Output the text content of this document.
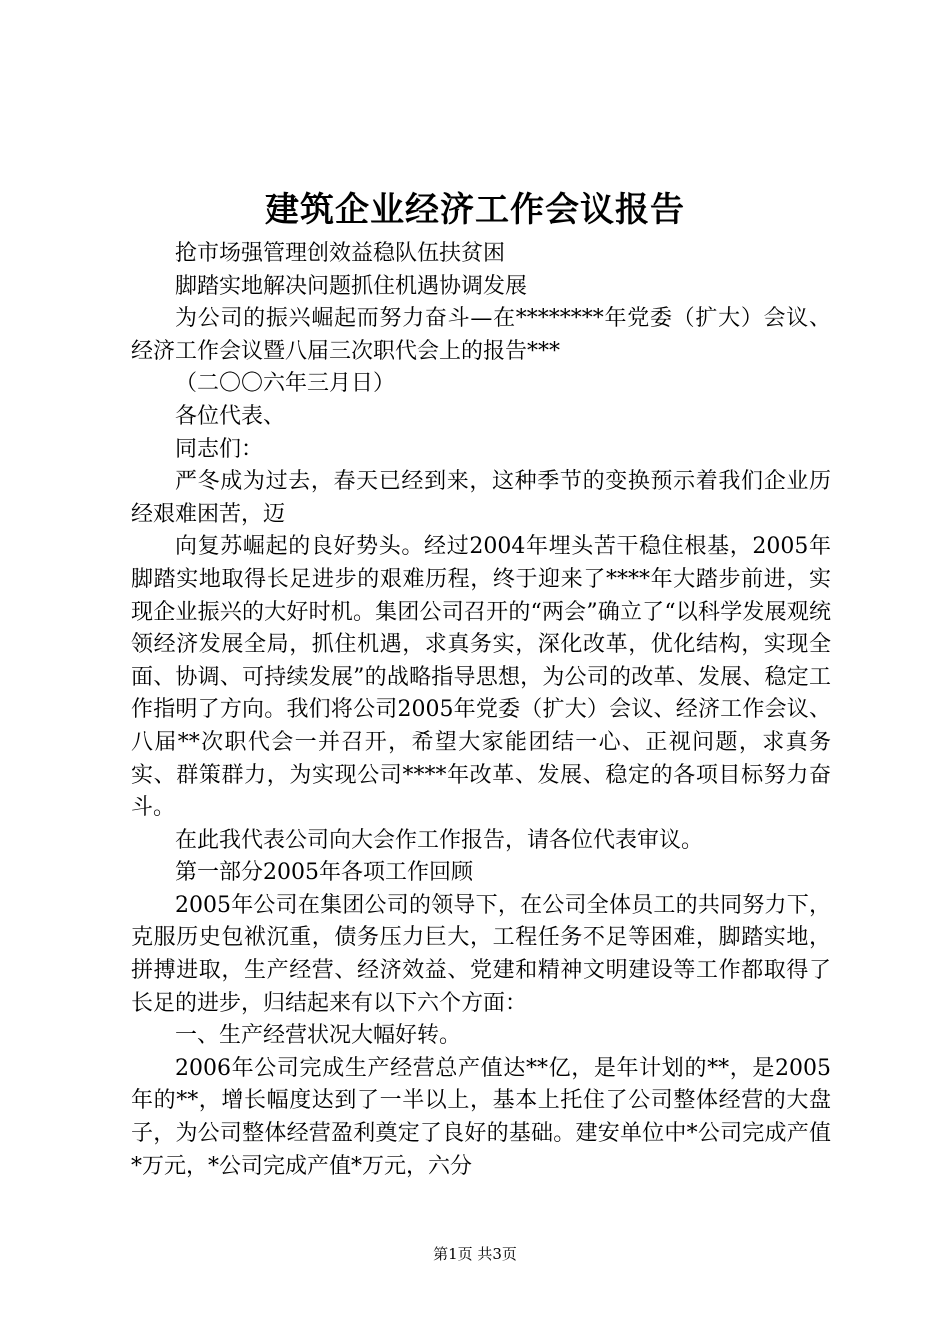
建筑企业经济工作会议报告

抢市场强管理创效益稳队伍扶贫困

脚踏实地解决问题抓住机遇协调发展

为公司的振兴崛起而努力奋斗—在********年党委（扩大）会议、经济工作会议暨八届三次职代会上的报告***

（二〇〇六年三月日）

各位代表、

同志们：

严冬成为过去，春天已经到来，这种季节的变换预示着我们企业历经艰难困苦，迈

向复苏崛起的良好势头。经过2004年埋头苦干稳住根基，2005年脚踏实地取得长足进步的艰难历程，终于迎来了****年大踏步前进，实现企业振兴的大好时机。集团公司召开的“两会”确立了“以科学发展观统领经济发展全局，抓住机遇，求真务实，深化改革，优化结构，实现全面、协调、可持续发展”的战略指导思想，为公司的改革、发展、稳定工作指明了方向。我们将公司2005年党委（扩大）会议、经济工作会议、八届**次职代会一并召开，希望大家能团结一心、正视问题，求真务实、群策群力，为实现公司****年改革、发展、稳定的各项目标努力奋斗。

在此我代表公司向大会作工作报告，请各位代表审议。

第一部分2005年各项工作回顾

2005年公司在集团公司的领导下，在公司全体员工的共同努力下，克服历史包袱沉重，债务压力巨大，工程任务不足等困难，脚踏实地，拼搏进取，生产经营、经济效益、党建和精神文明建设等工作都取得了长足的进步，归结起来有以下六个方面：

一、生产经营状况大幅好转。

2006年公司完成生产经营总产值达**亿，是年计划的**，是2005年的**，增长幅度达到了一半以上，基本上托住了公司整体经营的大盘子，为公司整体经营盈利奠定了良好的基础。建安单位中*公司完成产值*万元，*公司完成产值*万元，六分

第1页 共3页
